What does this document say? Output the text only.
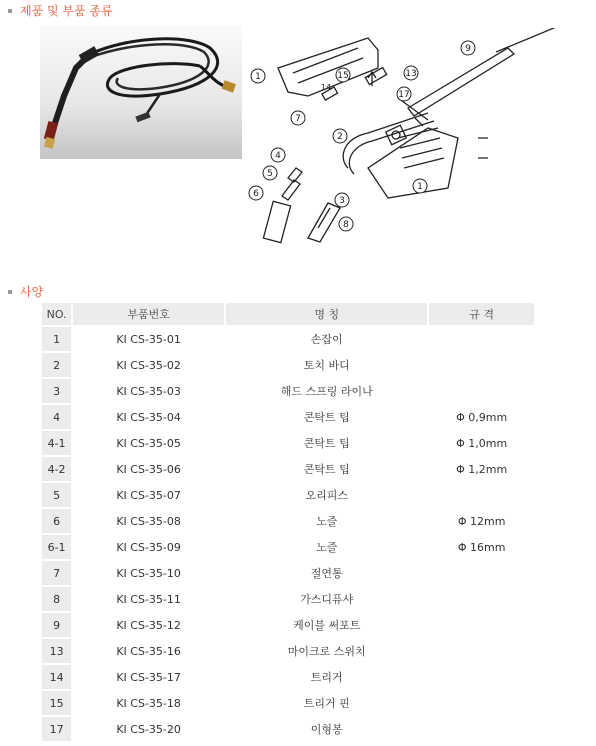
제품 및 부품 종류
1	15
14
13
9
17
7
2
4
5
1
6
3
8
사양
NO.	부품번호	명 칭	규 격
1	KI CS-35-01	손잡이	
2	KI CS-35-02	토치 바디	
3	KI CS-35-03	해드 스프링 라이나	
4	KI CS-35-04	콘탁트 팁	Φ 0,9mm
4-1	KI CS-35-05	콘탁트 팁	Φ 1,0mm
4-2	KI CS-35-06	콘탁트 팁	Φ 1,2mm
5	KI CS-35-07	오리피스	
6	KI CS-35-08	노즐	Φ 12mm
6-1	KI CS-35-09	노즐	Φ 16mm
7	KI CS-35-10	절연통	
8	KI CS-35-11	가스디퓨샤	
9	KI CS-35-12	케이블 써포트	
13	KI CS-35-16	마이크로 스위치	
14	KI CS-35-17	트리거	
15	KI CS-35-18	트리거 핀	
17	KI CS-35-20	이형봉	
